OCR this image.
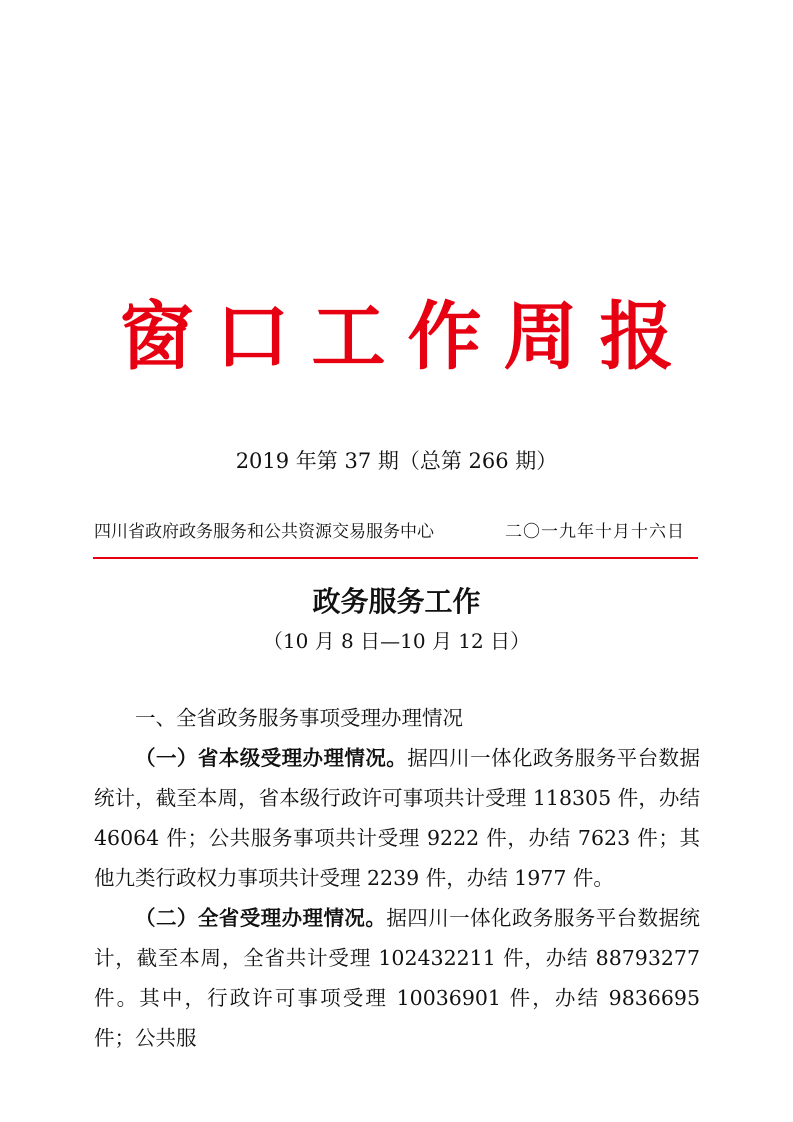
窗口工作周报
2019 年第 37 期（总第 266 期）
四川省政府政务服务和公共资源交易服务中心	二〇一九年十月十六日
政务服务工作
（10 月 8 日—10 月 12 日）

一、全省政务服务事项受理办理情况

（一）省本级受理办理情况。据四川一体化政务服务平台数据统计，截至本周，省本级行政许可事项共计受理 118305 件，办结 46064 件；公共服务事项共计受理 9222 件，办结 7623 件；其他九类行政权力事项共计受理 2239 件，办结 1977 件。

（二）全省受理办理情况。据四川一体化政务服务平台数据统计，截至本周，全省共计受理 102432211 件，办结 88793277 件。其中，行政许可事项受理 10036901 件，办结 9836695 件；公共服
